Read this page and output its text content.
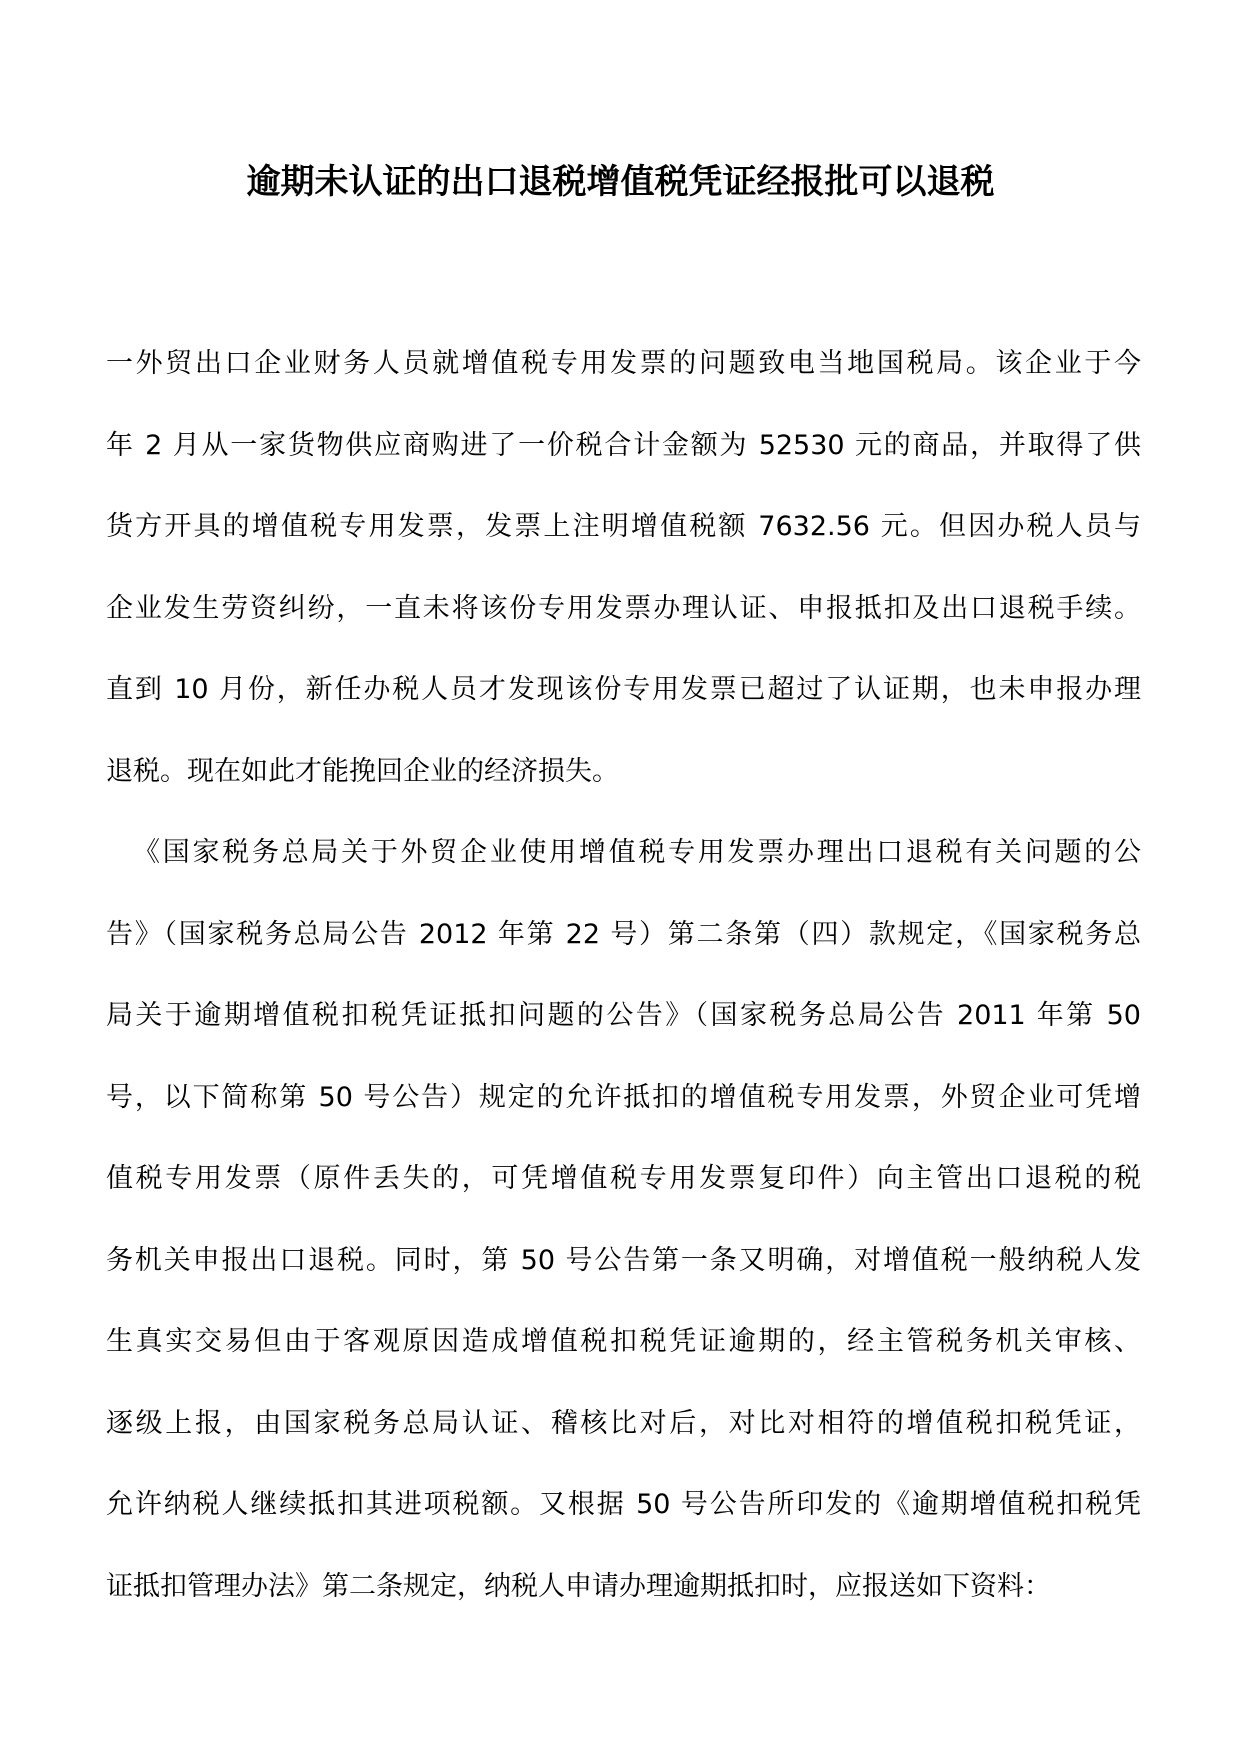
逾期未认证的出口退税增值税凭证经报批可以退税
一外贸出口企业财务人员就增值税专用发票的问题致电当地国税局。该企业于今
年 2 月从一家货物供应商购进了一价税合计金额为 52530 元的商品，并取得了供
货方开具的增值税专用发票，发票上注明增值税额 7632.56 元。但因办税人员与
企业发生劳资纠纷，一直未将该份专用发票办理认证、申报抵扣及出口退税手续。
直到 10 月份，新任办税人员才发现该份专用发票已超过了认证期，也未申报办理
退税。现在如此才能挽回企业的经济损失。
《国家税务总局关于外贸企业使用增值税专用发票办理出口退税有关问题的公
告》（国家税务总局公告 2012 年第 22 号）第二条第（四）款规定，《国家税务总
局关于逾期增值税扣税凭证抵扣问题的公告》（国家税务总局公告 2011 年第 50
号，以下简称第 50 号公告）规定的允许抵扣的增值税专用发票，外贸企业可凭增
值税专用发票（原件丢失的，可凭增值税专用发票复印件）向主管出口退税的税
务机关申报出口退税。同时，第 50 号公告第一条又明确，对增值税一般纳税人发
生真实交易但由于客观原因造成增值税扣税凭证逾期的，经主管税务机关审核、
逐级上报，由国家税务总局认证、稽核比对后，对比对相符的增值税扣税凭证，
允许纳税人继续抵扣其进项税额。又根据 50 号公告所印发的《逾期增值税扣税凭
证抵扣管理办法》第二条规定，纳税人申请办理逾期抵扣时，应报送如下资料：
